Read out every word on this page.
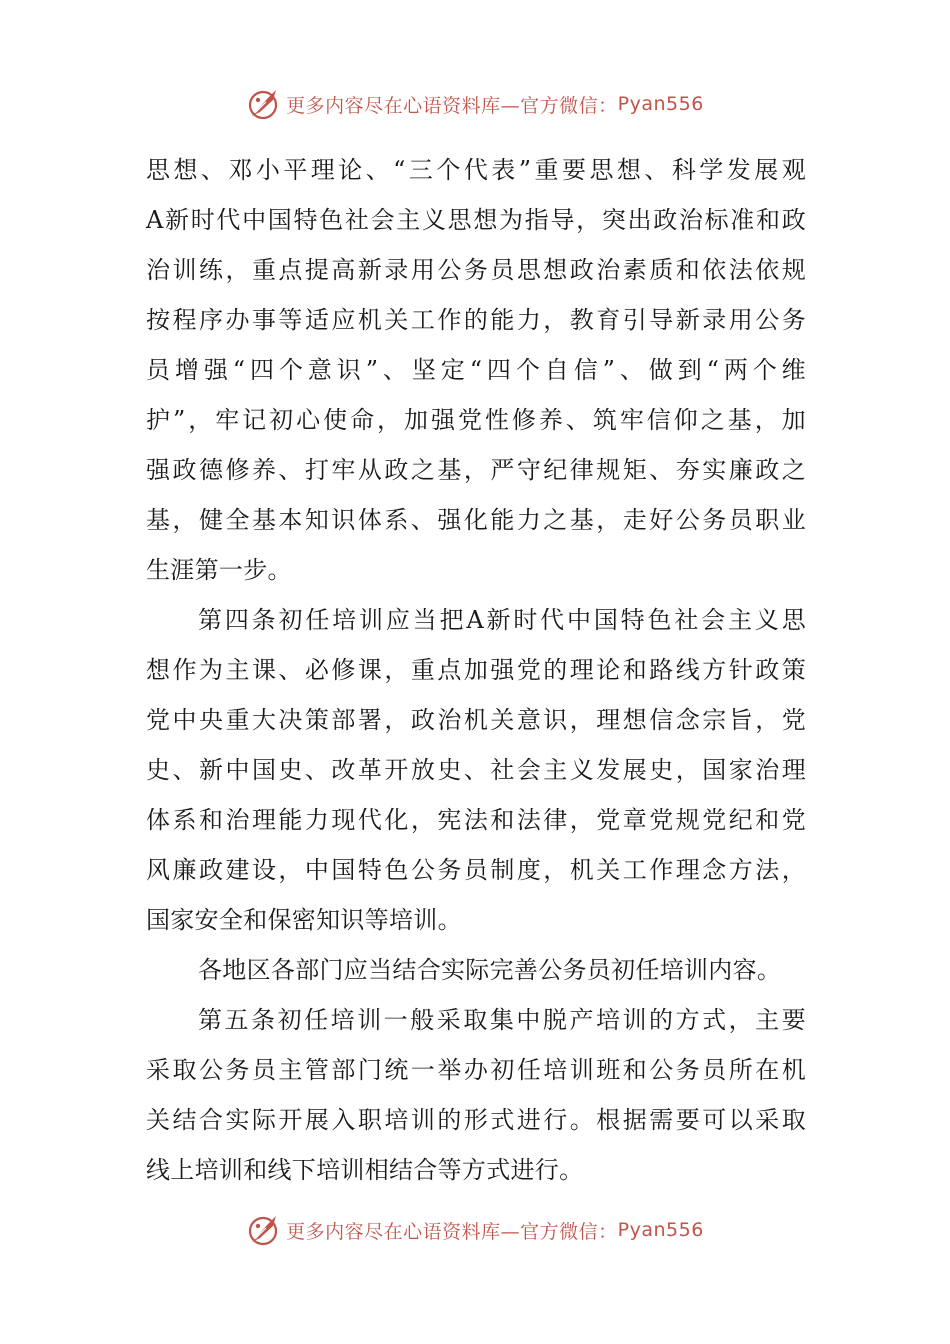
更多内容尽在心语资料库—官方微信： Pyan556
思想、邓小平理论、“三个代表”重要思想、科学发展观
A新时代中国特色社会主义思想为指导，突出政治标准和政
治训练，重点提高新录用公务员思想政治素质和依法依规
按程序办事等适应机关工作的能力，教育引导新录用公务
员增强“四个意识”、坚定“四个自信”、做到“两个维
护”，牢记初心使命，加强党性修养、筑牢信仰之基，加
强政德修养、打牢从政之基，严守纪律规矩、夯实廉政之
基，健全基本知识体系、强化能力之基，走好公务员职业
生涯第一步。
第四条初任培训应当把A新时代中国特色社会主义思
想作为主课、必修课，重点加强党的理论和路线方针政策
党中央重大决策部署，政治机关意识，理想信念宗旨，党
史、新中国史、改革开放史、社会主义发展史，国家治理
体系和治理能力现代化，宪法和法律，党章党规党纪和党
风廉政建设，中国特色公务员制度，机关工作理念方法，
国家安全和保密知识等培训。
各地区各部门应当结合实际完善公务员初任培训内容。
第五条初任培训一般采取集中脱产培训的方式，主要
采取公务员主管部门统一举办初任培训班和公务员所在机
关结合实际开展入职培训的形式进行。根据需要可以采取
线上培训和线下培训相结合等方式进行。
更多内容尽在心语资料库—官方微信： Pyan556
